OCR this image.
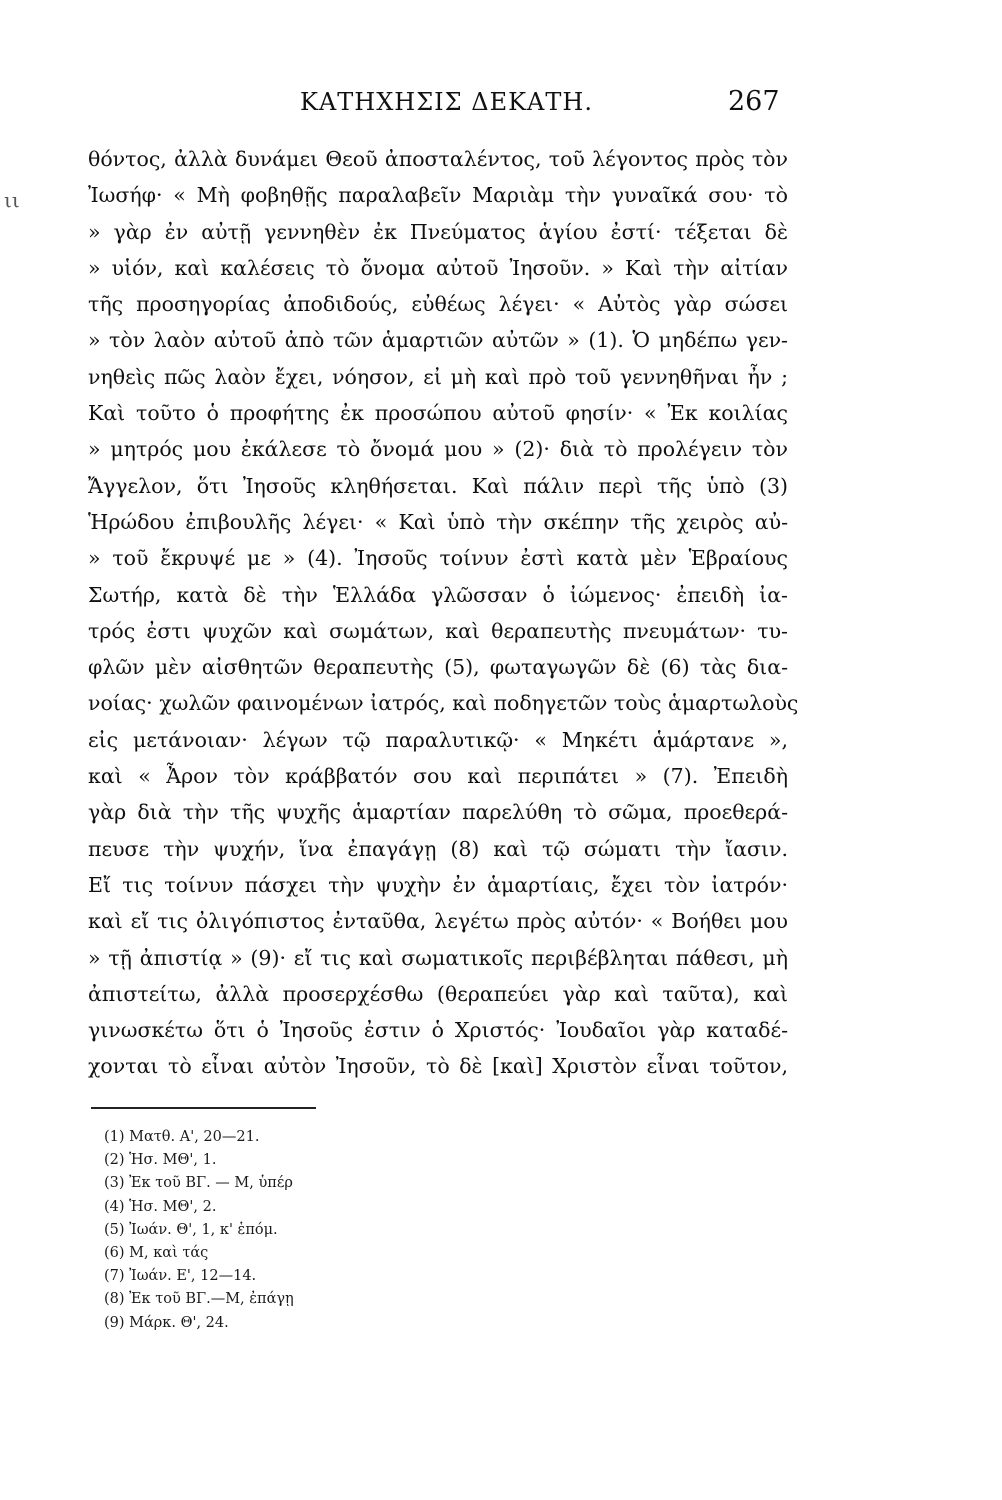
ΚΑΤΗΧΗΣΙΣ ΔΕΚΑΤΗ.	267
ιι
θόντος, ἀλλὰ δυνάμει Θεοῦ ἀποσταλέντος, τοῦ λέγοντος πρὸς τὸν
Ἰωσήφ· « Μὴ φοβηθῇς παραλαβεῖν Μαριὰμ τὴν γυναῖκά σου· τὸ
» γὰρ ἐν αὐτῇ γεννηθὲν ἐκ Πνεύματος ἁγίου ἐστί· τέξεται δὲ
» υἱόν, καὶ καλέσεις τὸ ὄνομα αὐτοῦ Ἰησοῦν. » Καὶ τὴν αἰτίαν
τῆς προσηγορίας ἀποδιδούς, εὐθέως λέγει· « Αὐτὸς γὰρ σώσει
» τὸν λαὸν αὐτοῦ ἀπὸ τῶν ἁμαρτιῶν αὐτῶν » (1). Ὁ μηδέπω γεν-
νηθεὶς πῶς λαὸν ἔχει, νόησον, εἰ μὴ καὶ πρὸ τοῦ γεννηθῆναι ἦν ;
Καὶ τοῦτο ὁ προφήτης ἐκ προσώπου αὐτοῦ φησίν· « Ἐκ κοιλίας
» μητρός μου ἐκάλεσε τὸ ὄνομά μου » (2)· διὰ τὸ προλέγειν τὸν
Ἄγγελον, ὅτι Ἰησοῦς κληθήσεται. Καὶ πάλιν περὶ τῆς ὑπὸ (3)
Ἡρώδου ἐπιβουλῆς λέγει· « Καὶ ὑπὸ τὴν σκέπην τῆς χειρὸς αὐ-
» τοῦ ἔκρυψέ με » (4). Ἰησοῦς τοίνυν ἐστὶ κατὰ μὲν Ἑβραίους
Σωτήρ, κατὰ δὲ τὴν Ἑλλάδα γλῶσσαν ὁ ἰώμενος· ἐπειδὴ ἰα-
τρός ἐστι ψυχῶν καὶ σωμάτων, καὶ θεραπευτὴς πνευμάτων· τυ-
φλῶν μὲν αἰσθητῶν θεραπευτὴς (5), φωταγωγῶν δὲ (6) τὰς δια-
νοίας· χωλῶν φαινομένων ἰατρός, καὶ ποδηγετῶν τοὺς ἁμαρτωλοὺς
εἰς μετάνοιαν· λέγων τῷ παραλυτικῷ· « Μηκέτι ἁμάρτανε »,
καὶ « Ἆρον τὸν κράββατόν σου καὶ περιπάτει » (7). Ἐπειδὴ
γὰρ διὰ τὴν τῆς ψυχῆς ἁμαρτίαν παρελύθη τὸ σῶμα, προεθερά-
πευσε τὴν ψυχήν, ἵνα ἐπαγάγῃ (8) καὶ τῷ σώματι τὴν ἴασιν.
Εἴ τις τοίνυν πάσχει τὴν ψυχὴν ἐν ἁμαρτίαις, ἔχει τὸν ἰατρόν·
καὶ εἴ τις ὀλιγόπιστος ἐνταῦθα, λεγέτω πρὸς αὐτόν· « Βοήθει μου
» τῇ ἀπιστίᾳ » (9)· εἴ τις καὶ σωματικοῖς περιβέβληται πάθεσι, μὴ
ἀπιστείτω, ἀλλὰ προσερχέσθω (θεραπεύει γὰρ καὶ ταῦτα), καὶ
γινωσκέτω ὅτι ὁ Ἰησοῦς ἐστιν ὁ Χριστός· Ἰουδαῖοι γὰρ καταδέ-
χονται τὸ εἶναι αὐτὸν Ἰησοῦν, τὸ δὲ [καὶ] Χριστὸν εἶναι τοῦτον,
(1) Ματθ. Α', 20—21.
(2) Ἡσ. ΜΘ', 1.
(3) Ἐκ τοῦ ΒΓ. — Μ, ὑπέρ
(4) Ἡσ. ΜΘ', 2.
(5) Ἰωάν. Θ', 1, κ' ἑπόμ.
(6) Μ, καὶ τάς
(7) Ἰωάν. Ε', 12—14.
(8) Ἐκ τοῦ ΒΓ.—Μ, ἐπάγῃ
(9) Μάρκ. Θ', 24.
